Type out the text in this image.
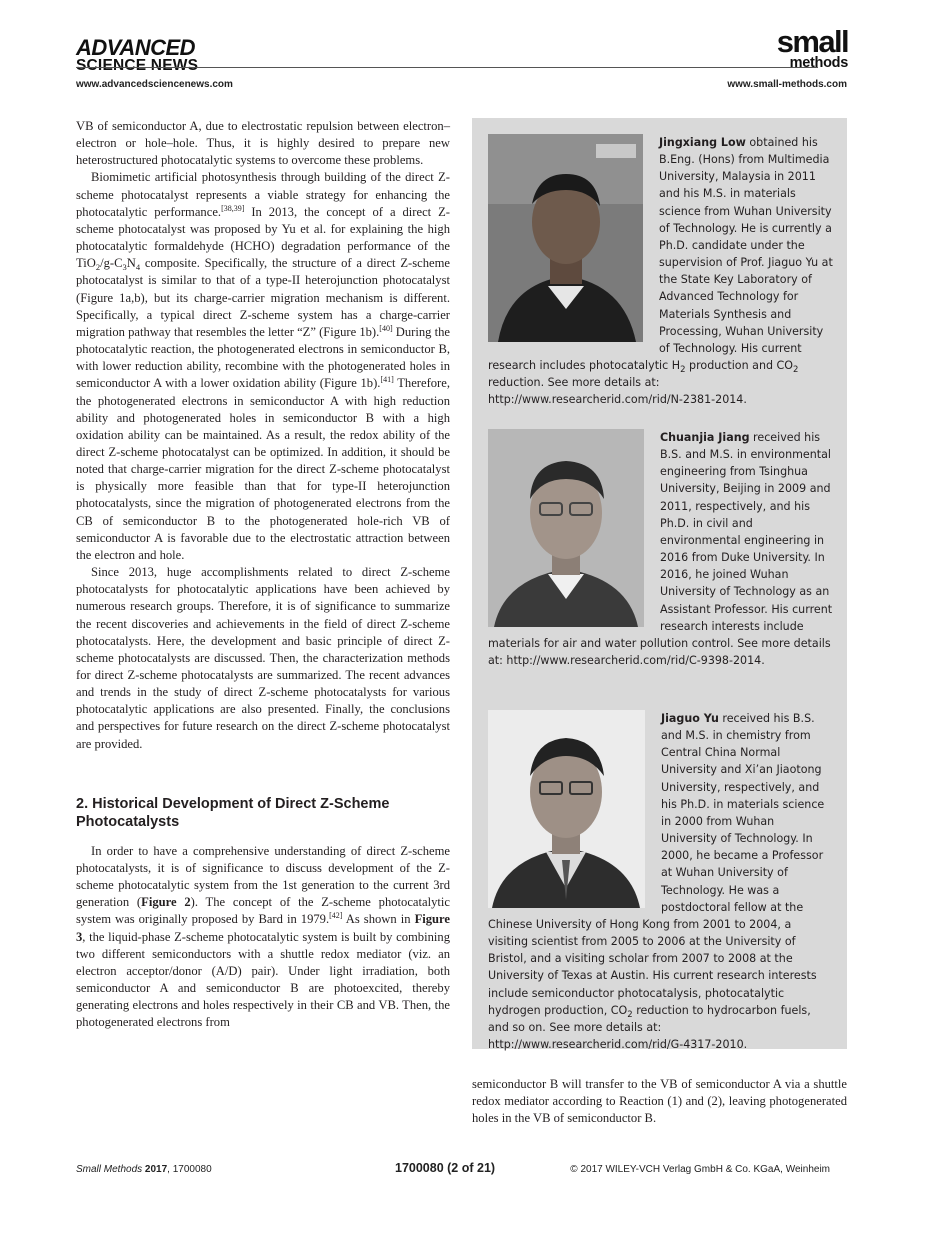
ADVANCED
SCIENCE NEWS
small
methods
www.advancedsciencenews.com	www.small-methods.com

VB of semiconductor A, due to electrostatic repulsion between electron–electron or hole–hole. Thus, it is highly desired to prepare new heterostructured photocatalytic systems to overcome these problems.

Biomimetic artificial photosynthesis through building of the direct Z-scheme photocatalyst represents a viable strategy for enhancing the photocatalytic performance.[38,39] In 2013, the concept of a direct Z-scheme photocatalyst was proposed by Yu et al. for explaining the high photocatalytic formaldehyde (HCHO) degradation performance of the $TiO_2/g-C_3N_4$ composite. Specifically, the structure of a direct Z-scheme photocatalyst is similar to that of a type-II heterojunction photocatalyst (Figure 1a,b), but its charge-carrier migration mechanism is different. Specifically, a typical direct Z-scheme system has a charge-carrier migration pathway that resembles the letter “Z” (Figure 1b).[40] During the photocatalytic reaction, the photogenerated electrons in semiconductor B, with lower reduction ability, recombine with the photogenerated holes in semiconductor A with a lower oxidation ability (Figure 1b).[41] Therefore, the photogenerated electrons in semiconductor A with high reduction ability and photogenerated holes in semiconductor B with a high oxidation ability can be maintained. As a result, the redox ability of the direct Z-scheme photocatalyst can be optimized. In addition, it should be noted that charge-carrier migration for the direct Z-scheme photocatalyst is physically more feasible than that for type-II heterojunction photocatalysts, since the migration of photogenerated electrons from the CB of semiconductor B to the photogenerated hole-rich VB of semiconductor A is favorable due to the electrostatic attraction between the electron and hole.

Since 2013, huge accomplishments related to direct Z-scheme photocatalysts for photocatalytic applications have been achieved by numerous research groups. Therefore, it is of significance to summarize the recent discoveries and achievements in the field of direct Z-scheme photocatalysts. Here, the development and basic principle of direct Z-scheme photocatalysts are discussed. Then, the characterization methods for direct Z-scheme photocatalysts are summarized. The recent advances and trends in the study of direct Z-scheme photocatalysts for various photocatalytic applications are also presented. Finally, the conclusions and perspectives for future research on the direct Z-scheme photocatalyst are provided.

2. Historical Development of Direct Z-Scheme Photocatalysts

In order to have a comprehensive understanding of direct Z-scheme photocatalysts, it is of significance to discuss development of the Z-scheme photocatalytic system from the 1st generation to the current 3rd generation (Figure 2). The concept of the Z-scheme photocatalytic system was originally proposed by Bard in 1979.[42] As shown in Figure 3, the liquid-phase Z-scheme photocatalytic system is built by combining two different semiconductors with a shuttle redox mediator (viz. an electron acceptor/donor (A/D) pair). Under light irradiation, both semiconductor A and semiconductor B are photoexcited, thereby generating electrons and holes respectively in their CB and VB. Then, the photogenerated electrons from

Jingxiang Low obtained his B.Eng. (Hons) from Multimedia University, Malaysia in 2011 and his M.S. in materials science from Wuhan University of Technology. He is currently a Ph.D. candidate under the supervision of Prof. Jiaguo Yu at the State Key Laboratory of Advanced Technology for Materials Synthesis and Processing, Wuhan University of Technology. His current research includes photocatalytic $H_2$ production and $CO_2$ reduction. See more details at: http://www.researcherid.com/rid/N-2381-2014.
Chuanjia Jiang received his B.S. and M.S. in environmental engineering from Tsinghua University, Beijing in 2009 and 2011, respectively, and his Ph.D. in civil and environmental engineering in 2016 from Duke University. In 2016, he joined Wuhan University of Technology as an Assistant Professor. His current research interests include materials for air and water pollution control. See more details at: http://www.researcherid.com/rid/C-9398-2014.
Jiaguo Yu received his B.S. and M.S. in chemistry from Central China Normal University and Xi’an Jiaotong University, respectively, and his Ph.D. in materials science in 2000 from Wuhan University of Technology. In 2000, he became a Professor at Wuhan University of Technology. He was a postdoctoral fellow at the Chinese University of Hong Kong from 2001 to 2004, a visiting scientist from 2005 to 2006 at the University of Bristol, and a visiting scholar from 2007 to 2008 at the University of Texas at Austin. His current research interests include semiconductor photocatalysis, photocatalytic hydrogen production, $CO_2$ reduction to hydrocarbon fuels, and so on. See more details at: http://www.researcherid.com/rid/G-4317-2010.

semiconductor B will transfer to the VB of semiconductor A via a shuttle redox mediator according to Reaction (1) and (2), leaving photogenerated holes in the VB of semiconductor B.

Small Methods 2017, 1700080	1700080 (2 of 21)	© 2017 WILEY-VCH Verlag GmbH & Co. KGaA, Weinheim
